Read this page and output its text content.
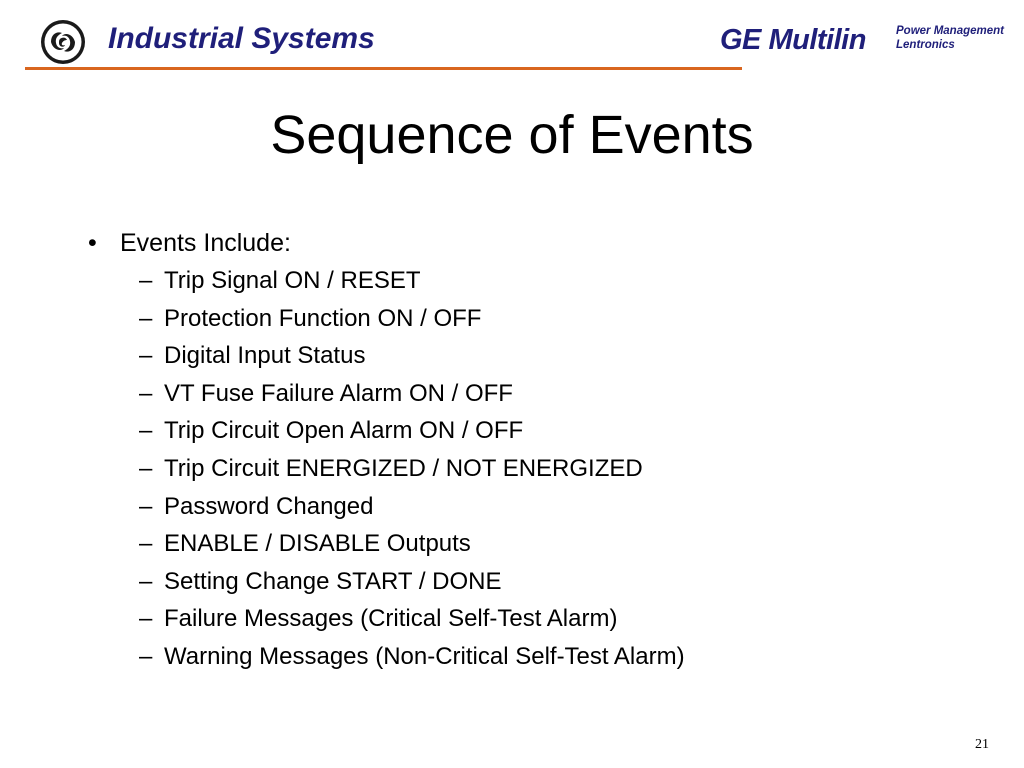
Industrial Systems	GE Multilin	Power Management
Lentronics
Sequence of Events
• Events Include:
– Trip Signal ON / RESET
– Protection Function ON / OFF
– Digital Input Status
– VT Fuse Failure Alarm ON / OFF
– Trip Circuit Open Alarm ON / OFF
– Trip Circuit ENERGIZED / NOT ENERGIZED
– Password Changed
– ENABLE / DISABLE Outputs
– Setting Change START / DONE
– Failure Messages (Critical Self-Test Alarm)
– Warning Messages (Non-Critical Self-Test Alarm)
21
